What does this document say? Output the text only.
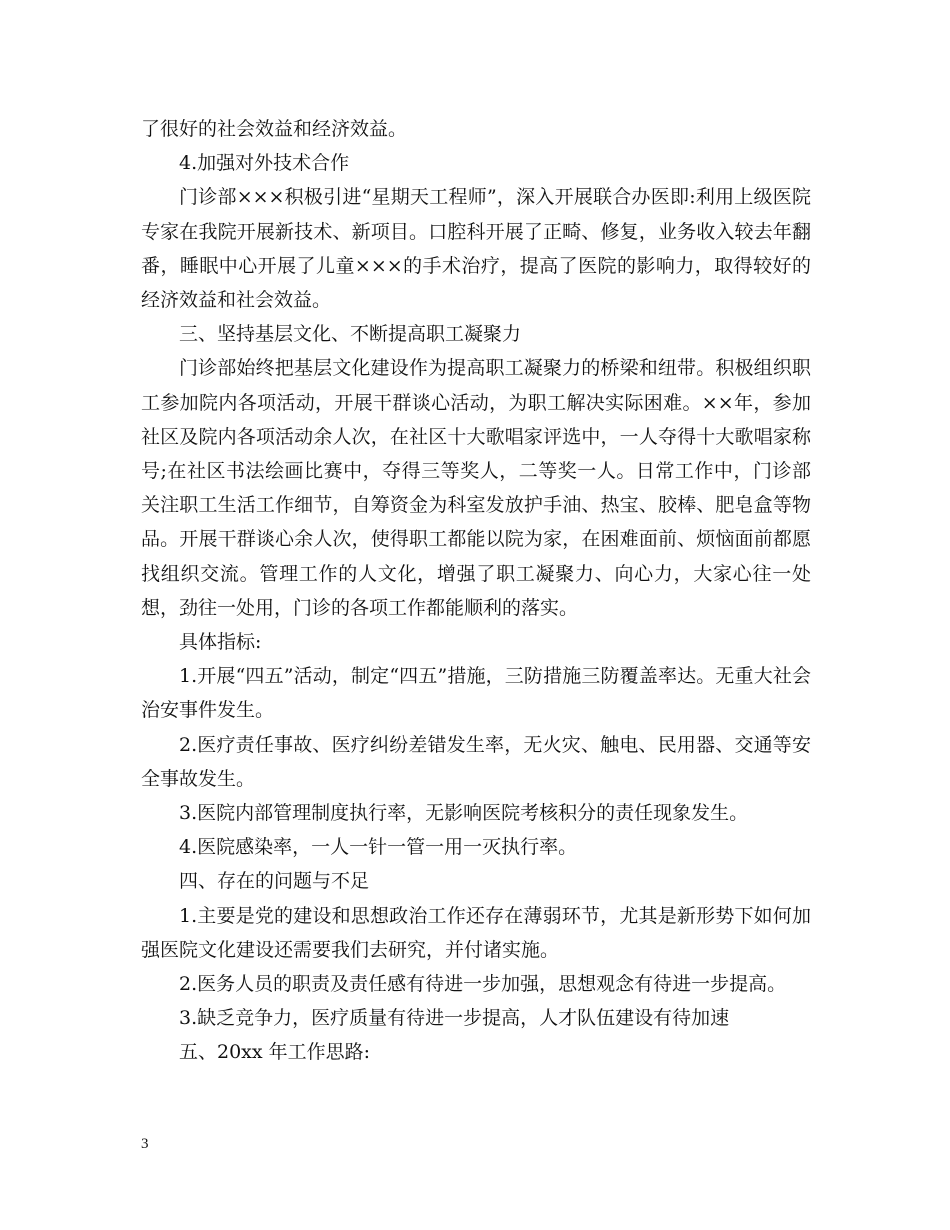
了很好的社会效益和经济效益。

4.加强对外技术合作

门诊部×××积极引进“星期天工程师”，深入开展联合办医即:利用上级医院专家在我院开展新技术、新项目。口腔科开展了正畸、修复，业务收入较去年翻番，睡眠中心开展了儿童×××的手术治疗，提高了医院的影响力，取得较好的经济效益和社会效益。

三、坚持基层文化、不断提高职工凝聚力

门诊部始终把基层文化建设作为提高职工凝聚力的桥梁和纽带。积极组织职工参加院内各项活动，开展干群谈心活动，为职工解决实际困难。××年，参加社区及院内各项活动余人次，在社区十大歌唱家评选中，一人夺得十大歌唱家称号;在社区书法绘画比赛中，夺得三等奖人，二等奖一人。日常工作中，门诊部关注职工生活工作细节，自筹资金为科室发放护手油、热宝、胶棒、肥皂盒等物品。开展干群谈心余人次，使得职工都能以院为家，在困难面前、烦恼面前都愿找组织交流。管理工作的人文化，增强了职工凝聚力、向心力，大家心往一处想，劲往一处用，门诊的各项工作都能顺利的落实。

具体指标:

1.开展“四五”活动，制定“四五”措施，三防措施三防覆盖率达。无重大社会治安事件发生。

2.医疗责任事故、医疗纠纷差错发生率，无火灾、触电、民用器、交通等安全事故发生。

3.医院内部管理制度执行率，无影响医院考核积分的责任现象发生。

4.医院感染率，一人一针一管一用一灭执行率。

四、存在的问题与不足

1.主要是党的建设和思想政治工作还存在薄弱环节，尤其是新形势下如何加强医院文化建设还需要我们去研究，并付诸实施。

2.医务人员的职责及责任感有待进一步加强，思想观念有待进一步提高。

3.缺乏竞争力，医疗质量有待进一步提高，人才队伍建设有待加速

五、20xx 年工作思路:

3
